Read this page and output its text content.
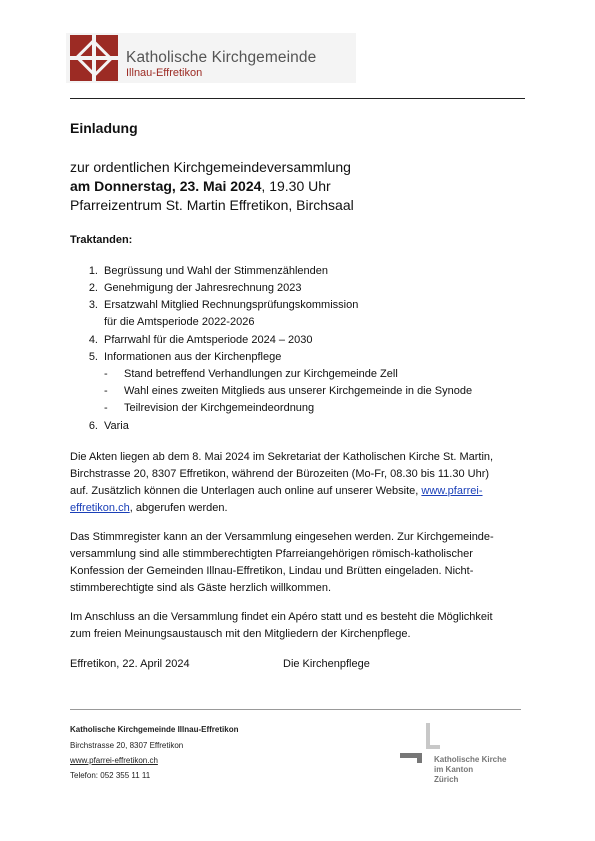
Katholische Kirchgemeinde
Illnau-Effretikon
Einladung
zur ordentlichen Kirchgemeindeversammlung
am Donnerstag, 23. Mai 2024, 19.30 Uhr
Pfarreizentrum St. Martin Effretikon, Birchsaal
Traktanden:
1. Begrüssung und Wahl der Stimmenzählenden
2. Genehmigung der Jahresrechnung 2023
3. Ersatzwahl Mitglied Rechnungsprüfungskommission
für die Amtsperiode 2022-2026
4. Pfarrwahl für die Amtsperiode 2024 – 2030
5. Informationen aus der Kirchenpflege
- Stand betreffend Verhandlungen zur Kirchgemeinde Zell
- Wahl eines zweiten Mitglieds aus unserer Kirchgemeinde in die Synode
- Teilrevision der Kirchgemeindeordnung
6. Varia
Die Akten liegen ab dem 8. Mai 2024 im Sekretariat der Katholischen Kirche St. Martin,
Birchstrasse 20, 8307 Effretikon, während der Bürozeiten (Mo-Fr, 08.30 bis 11.30 Uhr)
auf. Zusätzlich können die Unterlagen auch online auf unserer Website, www.pfarrei-
effretikon.ch, abgerufen werden.
Das Stimmregister kann an der Versammlung eingesehen werden. Zur Kirchgemeinde-
versammlung sind alle stimmberechtigten Pfarreiangehörigen römisch-katholischer
Konfession der Gemeinden Illnau-Effretikon, Lindau und Brütten eingeladen. Nicht-
stimmberechtigte sind als Gäste herzlich willkommen.
Im Anschluss an die Versammlung findet ein Apéro statt und es besteht die Möglichkeit
zum freien Meinungsaustausch mit den Mitgliedern der Kirchenpflege.
Effretikon, 22. April 2024	Die Kirchenpflege
Katholische Kirchgemeinde Illnau-Effretikon
Birchstrasse 20, 8307 Effretikon
www.pfarrei-effretikon.ch
Telefon: 052 355 11 11
Katholische Kirche
im Kanton
Zürich
